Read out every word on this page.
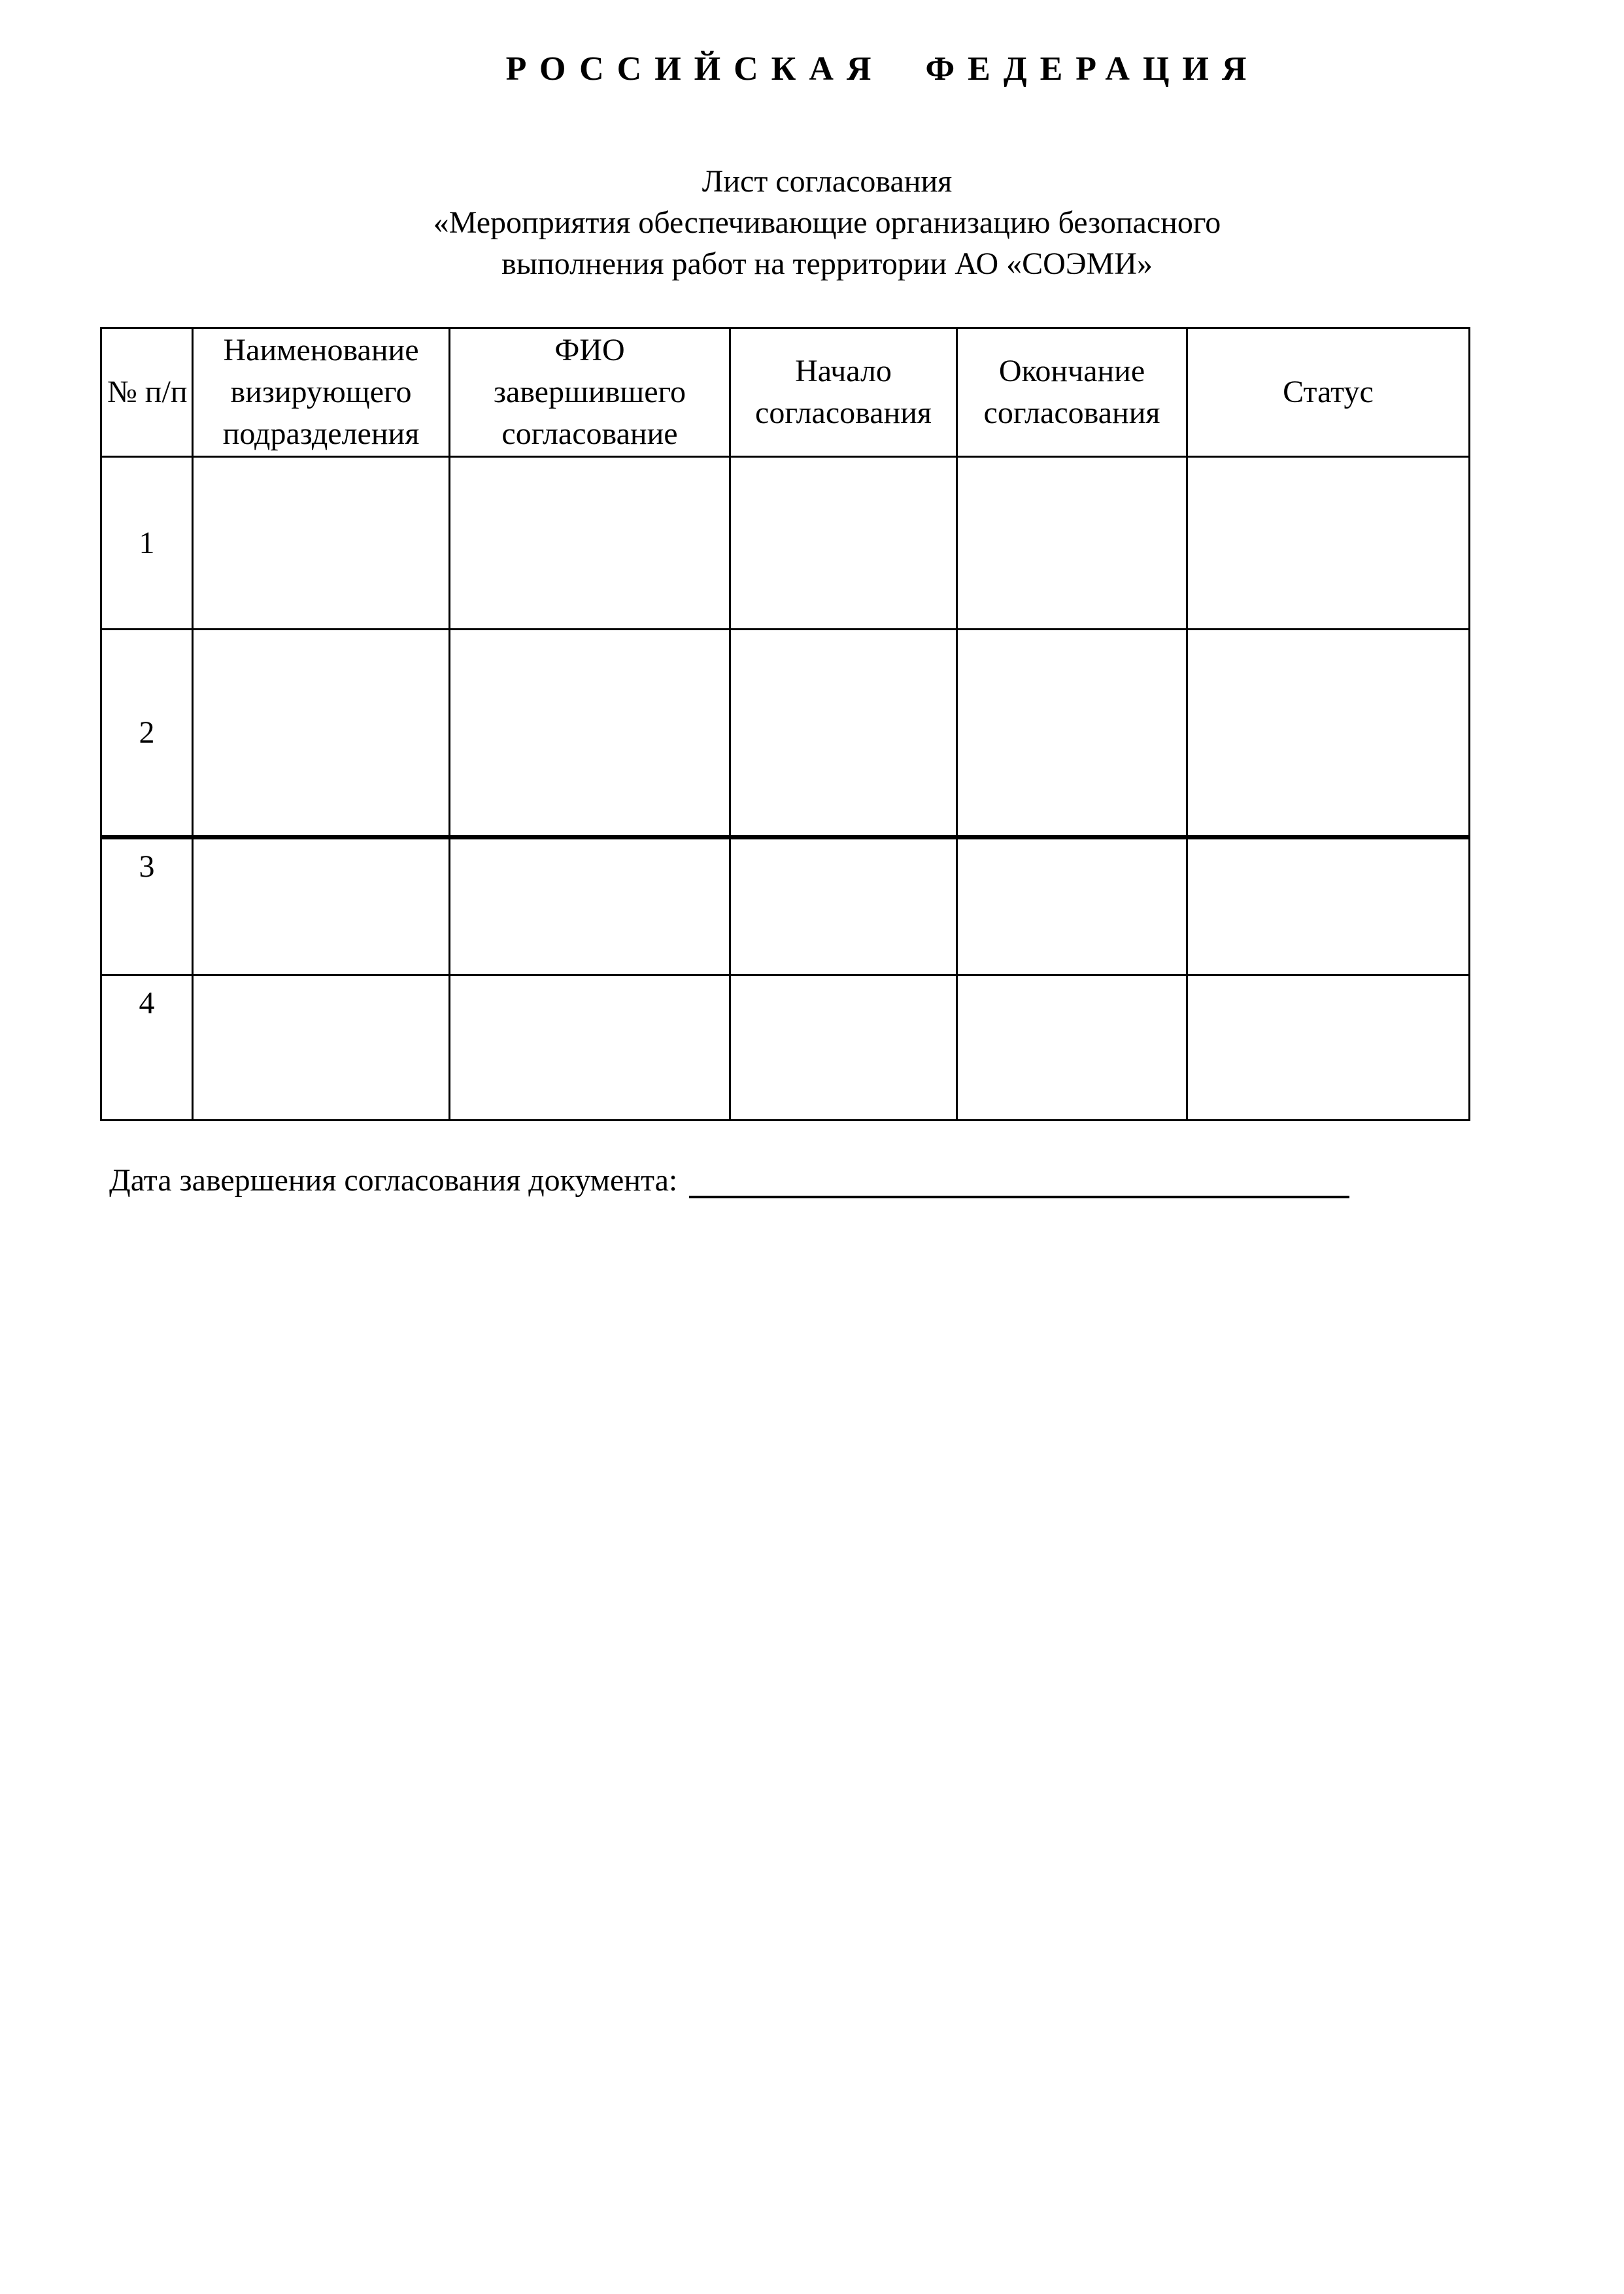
РОССИЙСКАЯ ФЕДЕРАЦИЯ
Лист согласования
«Мероприятия обеспечивающие организацию безопасного
выполнения работ на территории АО «СОЭМИ»
№ п/п	Наименование
визирующего
подразделения	ФИО
завершившего
согласование	Начало
согласования	Окончание
согласования	Статус

1					
2					
3					
4					
Дата завершения согласования документа:
